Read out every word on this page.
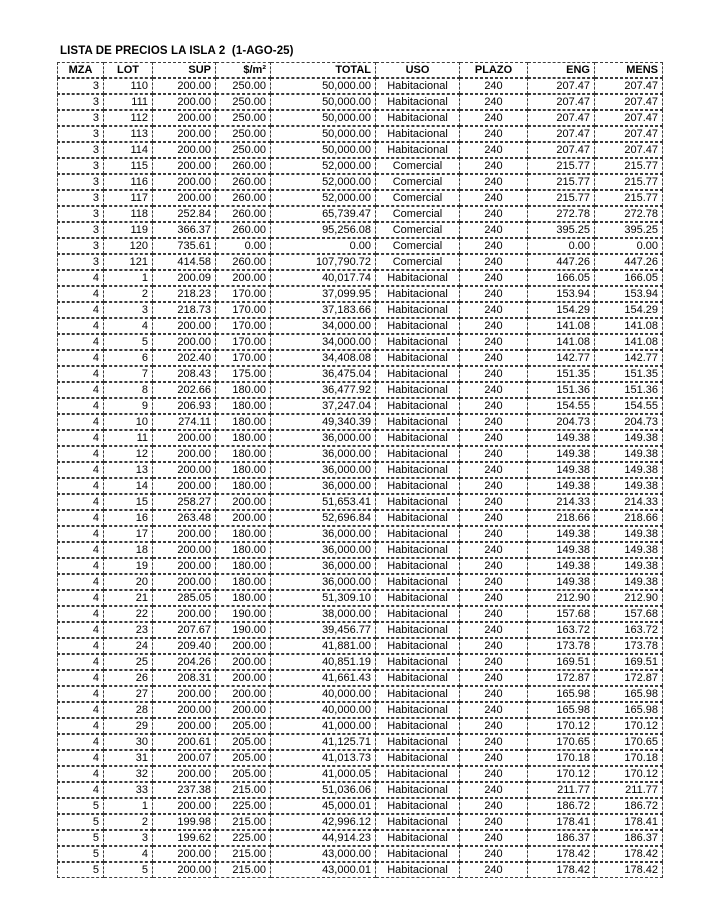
LISTA DE PRECIOS LA ISLA 2  (1-AGO-25)
MZA	LOT	SUP	$/m²	TOTAL	USO	PLAZO	ENG	MENS
3	110	200.00	250.00	50,000.00	Habitacional	240	207.47	207.47
3	111	200.00	250.00	50,000.00	Habitacional	240	207.47	207.47
3	112	200.00	250.00	50,000.00	Habitacional	240	207.47	207.47
3	113	200.00	250.00	50,000.00	Habitacional	240	207.47	207.47
3	114	200.00	250.00	50,000.00	Habitacional	240	207.47	207.47
3	115	200.00	260.00	52,000.00	Comercial	240	215.77	215.77
3	116	200.00	260.00	52,000.00	Comercial	240	215.77	215.77
3	117	200.00	260.00	52,000.00	Comercial	240	215.77	215.77
3	118	252.84	260.00	65,739.47	Comercial	240	272.78	272.78
3	119	366.37	260.00	95,256.08	Comercial	240	395.25	395.25
3	120	735.61	0.00	0.00	Comercial	240	0.00	0.00
3	121	414.58	260.00	107,790.72	Comercial	240	447.26	447.26
4	1	200.09	200.00	40,017.74	Habitacional	240	166.05	166.05
4	2	218.23	170.00	37,099.95	Habitacional	240	153.94	153.94
4	3	218.73	170.00	37,183.66	Habitacional	240	154.29	154.29
4	4	200.00	170.00	34,000.00	Habitacional	240	141.08	141.08
4	5	200.00	170.00	34,000.00	Habitacional	240	141.08	141.08
4	6	202.40	170.00	34,408.08	Habitacional	240	142.77	142.77
4	7	208.43	175.00	36,475.04	Habitacional	240	151.35	151.35
4	8	202.66	180.00	36,477.92	Habitacional	240	151.36	151.36
4	9	206.93	180.00	37,247.04	Habitacional	240	154.55	154.55
4	10	274.11	180.00	49,340.39	Habitacional	240	204.73	204.73
4	11	200.00	180.00	36,000.00	Habitacional	240	149.38	149.38
4	12	200.00	180.00	36,000.00	Habitacional	240	149.38	149.38
4	13	200.00	180.00	36,000.00	Habitacional	240	149.38	149.38
4	14	200.00	180.00	36,000.00	Habitacional	240	149.38	149.38
4	15	258.27	200.00	51,653.41	Habitacional	240	214.33	214.33
4	16	263.48	200.00	52,696.84	Habitacional	240	218.66	218.66
4	17	200.00	180.00	36,000.00	Habitacional	240	149.38	149.38
4	18	200.00	180.00	36,000.00	Habitacional	240	149.38	149.38
4	19	200.00	180.00	36,000.00	Habitacional	240	149.38	149.38
4	20	200.00	180.00	36,000.00	Habitacional	240	149.38	149.38
4	21	285.05	180.00	51,309.10	Habitacional	240	212.90	212.90
4	22	200.00	190.00	38,000.00	Habitacional	240	157.68	157.68
4	23	207.67	190.00	39,456.77	Habitacional	240	163.72	163.72
4	24	209.40	200.00	41,881.00	Habitacional	240	173.78	173.78
4	25	204.26	200.00	40,851.19	Habitacional	240	169.51	169.51
4	26	208.31	200.00	41,661.43	Habitacional	240	172.87	172.87
4	27	200.00	200.00	40,000.00	Habitacional	240	165.98	165.98
4	28	200.00	200.00	40,000.00	Habitacional	240	165.98	165.98
4	29	200.00	205.00	41,000.00	Habitacional	240	170.12	170.12
4	30	200.61	205.00	41,125.71	Habitacional	240	170.65	170.65
4	31	200.07	205.00	41,013.73	Habitacional	240	170.18	170.18
4	32	200.00	205.00	41,000.05	Habitacional	240	170.12	170.12
4	33	237.38	215.00	51,036.06	Habitacional	240	211.77	211.77
5	1	200.00	225.00	45,000.01	Habitacional	240	186.72	186.72
5	2	199.98	215.00	42,996.12	Habitacional	240	178.41	178.41
5	3	199.62	225.00	44,914.23	Habitacional	240	186.37	186.37
5	4	200.00	215.00	43,000.00	Habitacional	240	178.42	178.42
5	5	200.00	215.00	43,000.01	Habitacional	240	178.42	178.42
